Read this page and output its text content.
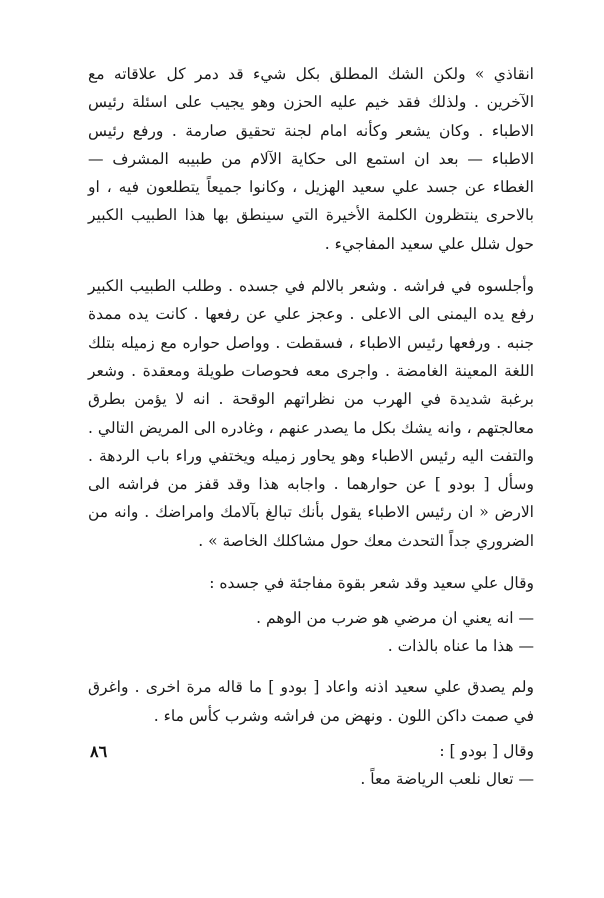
انقاذي » ولكن الشك المطلق بكل شيء قد دمر كل علاقاته مع الآخرين . ولذلك فقد خيم عليه الحزن وهو يجيب على اسئلة رئيس الاطباء . وكان يشعر وكأنه امام لجنة تحقيق صارمة . ورفع رئيس الاطباء — بعد ان استمع الى حكاية الآلام من طبيبه المشرف — الغطاء عن جسد علي سعيد الهزيل ، وكانوا جميعاً يتطلعون فيه ، او بالاحرى ينتظرون الكلمة الأخيرة التي سينطق بها هذا الطبيب الكبير حول شلل علي سعيد المفاجيء .

وأجلسوه في فراشه . وشعر بالالم في جسده . وطلب الطبيب الكبير رفع يده اليمنى الى الاعلى . وعجز علي عن رفعها . كانت يده ممدة جنبه . ورفعها رئيس الاطباء ، فسقطت . وواصل حواره مع زميله بتلك اللغة المعينة الغامضة . واجرى معه فحوصات طويلة ومعقدة . وشعر برغبة شديدة في الهرب من نظراتهم الوقحة . انه لا يؤمن بطرق معالجتهم ، وانه يشك بكل ما يصدر عنهم ، وغادره الى المريض التالي . والتفت اليه رئيس الاطباء وهو يحاور زميله ويختفي وراء باب الردهة . وسأل [ بودو ] عن حوارهما . واجابه هذا وقد قفز من فراشه الى الارض « ان رئيس الاطباء يقول بأنك تبالغ بآلامك وامراضك . وانه من الضروري جداً التحدث معك حول مشاكلك الخاصة » .

وقال علي سعيد وقد شعر بقوة مفاجئة في جسده :

— انه يعني ان مرضي هو ضرب من الوهم .

— هذا ما عناه بالذات .

ولم يصدق علي سعيد اذنه واعاد [ بودو ] ما قاله مرة اخرى . واغرق في صمت داكن اللون . ونهض من فراشه وشرب كأس ماء .

وقال [ بودو ] :

— تعال نلعب الرياضة معاً .

٨٦
